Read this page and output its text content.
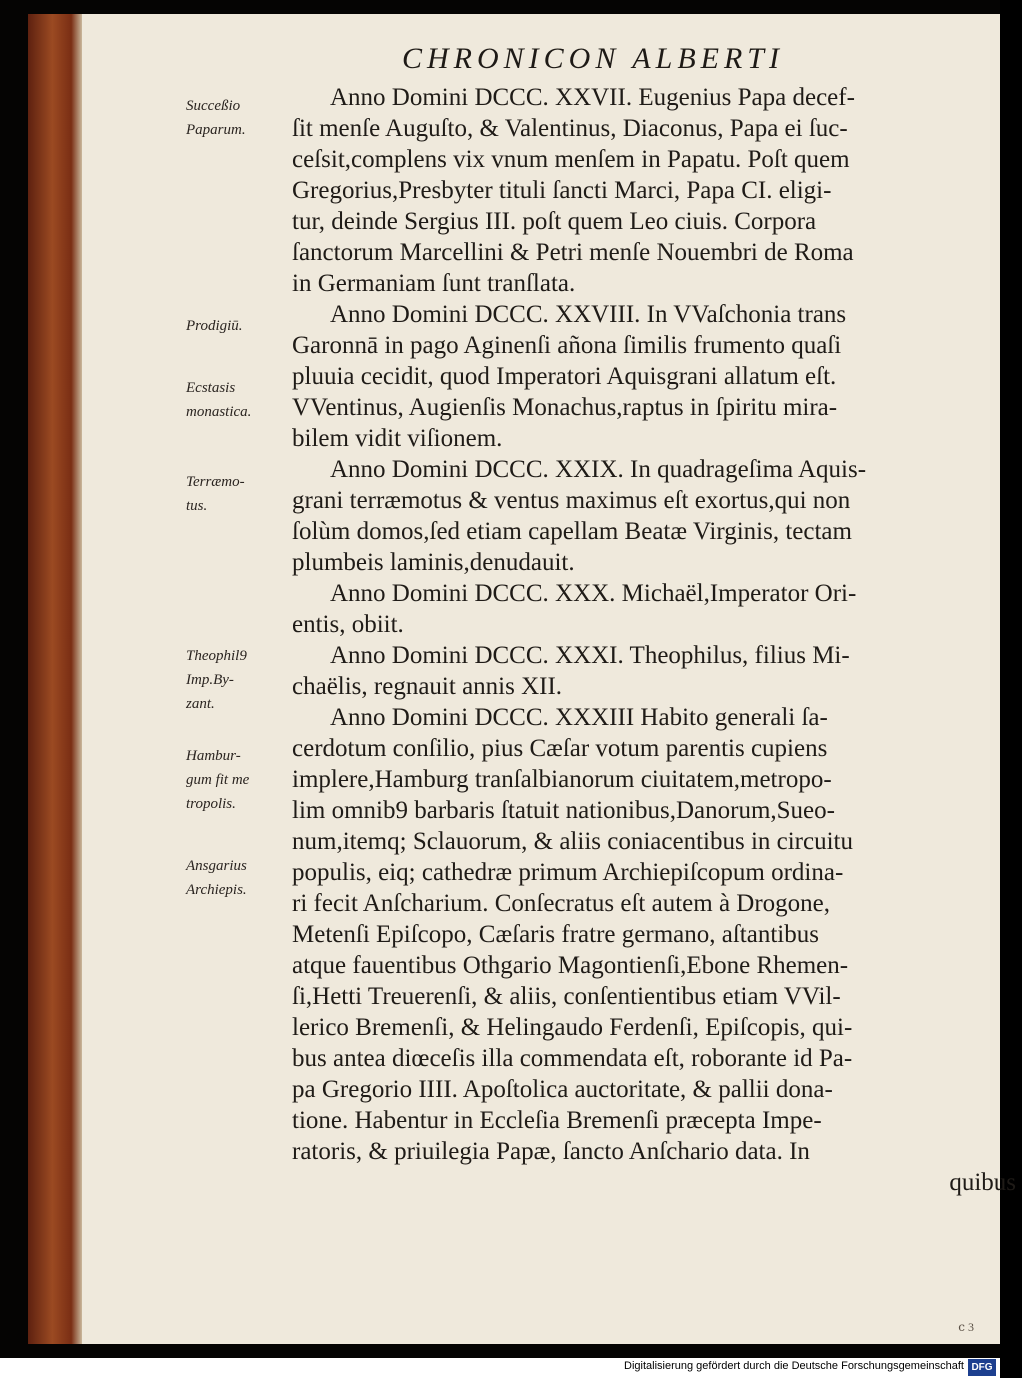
CHRONICON ALBERTI
Succeßio
Paparum.
Prodigiū.
Ecstasis
monastica.
Terræmo-
tus.
Theophil9
Imp.By-
zant.
Hambur-
gum fit me
tropolis.
Ansgarius
Archiepis.
Anno Domini DCCC. XXVII. Eugenius Papa decef-
ſit menſe Auguſto, & Valentinus, Diaconus, Papa ei ſuc-
ceſsit,complens vix vnum menſem in Papatu. Poſt quem
Gregorius,Presbyter tituli ſancti Marci, Papa CI. eligi-
tur, deinde Sergius III. poſt quem Leo ciuis. Corpora
ſanctorum Marcellini & Petri menſe Nouembri de Roma
in Germaniam ſunt tranſlata.
Anno Domini DCCC. XXVIII. In VVaſchonia trans
Garonnā in pago Aginenſi añona ſimilis frumento quaſi
pluuia cecidit, quod Imperatori Aquisgrani allatum eſt.
VVentinus, Augienſis Monachus,raptus in ſpiritu mira-
bilem vidit viſionem.
Anno Domini DCCC. XXIX. In quadrageſima Aquis-
grani terræmotus & ventus maximus eſt exortus,qui non
ſolùm domos,ſed etiam capellam Beatæ Virginis, tectam
plumbeis laminis,denudauit.
Anno Domini DCCC. XXX. Michaël,Imperator Ori-
entis, obiit.
Anno Domini DCCC. XXXI. Theophilus, filius Mi-
chaëlis, regnauit annis XII.
Anno Domini DCCC. XXXIII Habito generali ſa-
cerdotum conſilio, pius Cæſar votum parentis cupiens
implere,Hamburg tranſalbianorum ciuitatem,metropo-
lim omnib9 barbaris ſtatuit nationibus,Danorum,Sueo-
num,itemq; Sclauorum, & aliis coniacentibus in circuitu
populis, eiq; cathedræ primum Archiepiſcopum ordina-
ri fecit Anſcharium. Conſecratus eſt autem à Drogone,
Metenſi Epiſcopo, Cæſaris fratre germano, aſtantibus
atque fauentibus Othgario Magontienſi,Ebone Rhemen-
ſi,Hetti Treuerenſi, & aliis, conſentientibus etiam VVil-
lerico Bremenſi, & Helingaudo Ferdenſi, Epiſcopis, qui-
bus antea diœceſis illa commendata eſt, roborante id Pa-
pa Gregorio IIII. Apoſtolica auctoritate, & pallii dona-
tione. Habentur in Eccleſia Bremenſi præcepta Impe-
ratoris, & priuilegia Papæ, ſancto Anſchario data. In
quibus
ⅽ 3
Digitalisierung gefördert durch die Deutsche Forschungsgemeinschaft DFG
